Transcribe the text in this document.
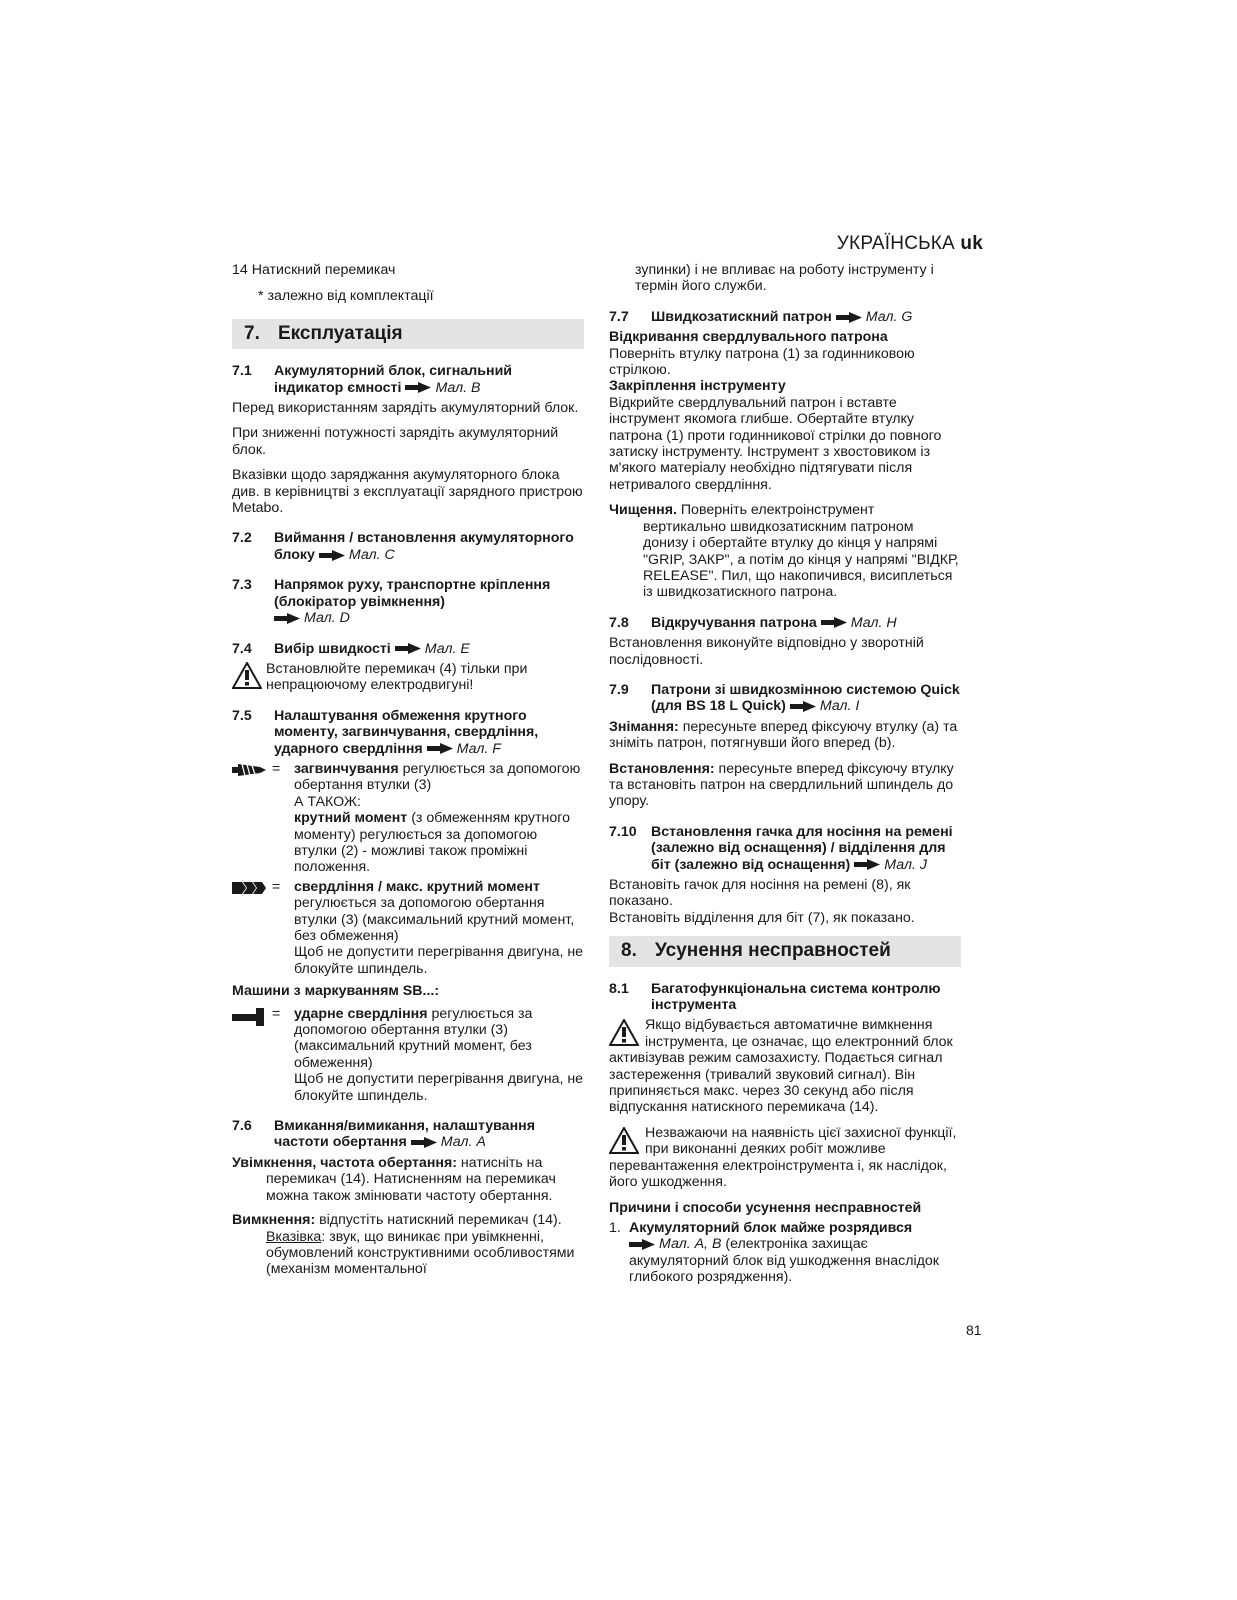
УКРАЇНСЬКА uk

14 Натискний перемикач

* залежно від комплектації

7. Експлуатація
7.1	Акумуляторний блок, сигнальний індикатор ємності Мал. B

Перед використанням зарядіть акумуляторний блок.

При зниженні потужності зарядіть акумуляторний блок.

Вказівки щодо заряджання акумуляторного блока див. в керівництві з експлуатації зарядного пристрою Metabo.

7.2	Виймання / встановлення акумуляторного блоку Мал. C
7.3	Напрямок руху, транспортне кріплення (блокіратор увімкнення)
Мал. D
7.4	Вибір швидкості Мал. E
Встановлюйте перемикач (4) тільки при непрацюючому електродвигуні!
7.5	Налаштування обмеження крутного моменту, загвинчування, свердління, ударного свердління Мал. F
= загвинчування регулюється за допомогою обертання втулки (3)
А ТАКОЖ:
крутний момент (з обмеженням крутного моменту) регулюється за допомогою втулки (2) - можливі також проміжні положення.
= свердління / макс. крутний момент регулюється за допомогою обертання втулки (3) (максимальний крутний момент, без обмеження)
Щоб не допустити перегрівання двигуна, не блокуйте шпиндель.

Машини з маркуванням SB...:

= ударне свердління регулюється за допомогою обертання втулки (3) (максимальний крутний момент, без обмеження)
Щоб не допустити перегрівання двигуна, не блокуйте шпиндель.
7.6	Вмикання/вимикання, налаштування частоти обертання Мал. A

Увімкнення, частота обертання: натисніть на перемикач (14). Натисненням на перемикач можна також змінювати частоту обертання.

Вимкнення: відпустіть натискний перемикач (14). Вказівка: звук, що виникає при увімкненні, обумовлений конструктивними особливостями (механізм моментальної

зупинки) і не впливає на роботу інструменту і термін його служби.

7.7	Швидкозатискний патрон Мал. G

Відкривання свердлувального патрона

Поверніть втулку патрона (1) за годинниковою стрілкою.

Закріплення інструменту

Відкрийте свердлувальний патрон і вставте інструмент якомога глибше. Обертайте втулку патрона (1) проти годинникової стрілки до повного затиску інструменту. Інструмент з хвостовиком із м'якого матеріалу необхідно підтягувати після нетривалого свердління.

Чищення. Поверніть електроінструмент вертикально швидкозатискним патроном донизу і обертайте втулку до кінця у напрямі "GRIP, ЗАКР", а потім до кінця у напрямі "ВІДКР, RELEASE". Пил, що накопичився, висиплеться із швидкозатискного патрона.

7.8	Відкручування патрона Мал. H

Встановлення виконуйте відповідно у зворотній послідовності.

7.9	Патрони зі швидкозмінною системою Quick (для BS 18 L Quick) Мал. I

Знімання: пересуньте вперед фіксуючу втулку (a) та зніміть патрон, потягнувши його вперед (b).

Встановлення: пересуньте вперед фіксуючу втулку та встановіть патрон на свердлильний шпиндель до упору.

7.10	Встановлення гачка для носіння на ремені (залежно від оснащення) / відділення для біт (залежно від оснащення) Мал. J

Встановіть гачок для носіння на ремені (8), як показано.

Встановіть відділення для біт (7), як показано.

8. Усунення несправностей
8.1	Багатофункціональна система контролю інструмента
Якщо відбувається автоматичне вимкнення інструмента, це означає, що електронний блок активізував режим самозахисту. Подається сигнал застереження (тривалий звуковий сигнал). Він припиняється макс. через 30 секунд або після відпускання натискного перемикача (14).
Незважаючи на наявність цієї захисної функції, при виконанні деяких робіт можливе перевантаження електроінструмента і, як наслідок, його ушкодження.

Причини і способи усунення несправностей

1. Акумуляторний блок майже розрядився
Мал. A, B (електроніка захищає акумуляторний блок від ушкодження внаслідок глибокого розрядження).
81
